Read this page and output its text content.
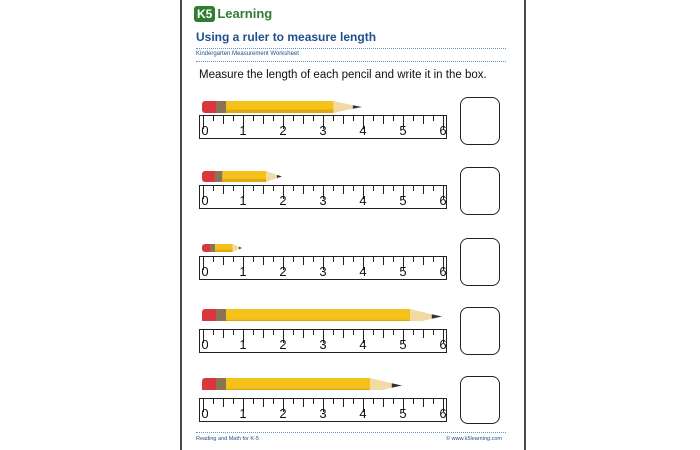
K5 Learning
Using a ruler to measure length
Kindergarten Measurement Worksheet
Measure the length of each pencil and write it in the box.
0 1	2	3	4	5	6
0 1	2	3	4	5	6
0 1	2	3	4	5	6
0 1	2	3	4	5	6
0 1	2	3	4	5	6
Reading and Math for K-5	© www.k5learning.com
